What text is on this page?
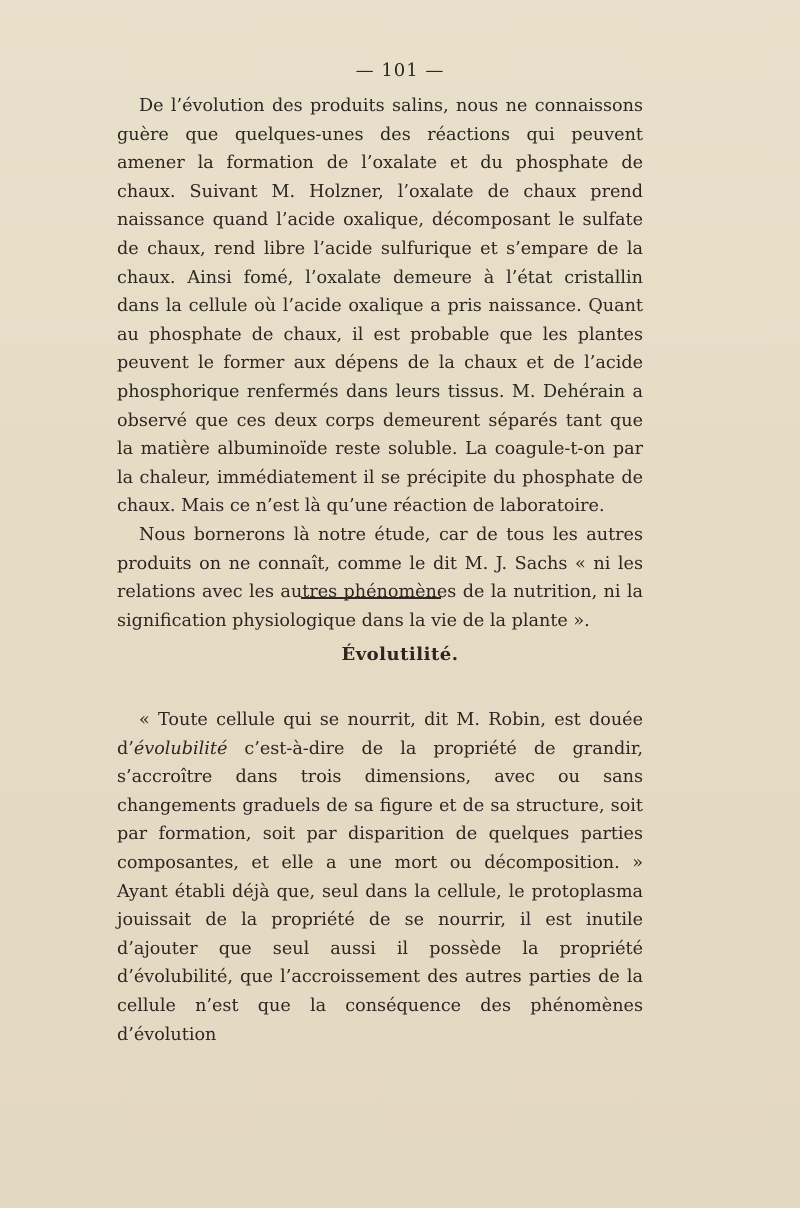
— 101 —

De l’évolution des produits salins, nous ne connaissons guère que quelques-unes des réactions qui peuvent amener la formation de l’oxalate et du phosphate de chaux. Suivant M. Holzner, l’oxalate de chaux prend naissance quand l’acide oxalique, décomposant le sulfate de chaux, rend libre l’acide sulfurique et s’empare de la chaux. Ainsi fomé, l’oxalate demeure à l’état cristallin dans la cellule où l’acide oxalique a pris naissance. Quant au phosphate de chaux, il est probable que les plantes peuvent le former aux dépens de la chaux et de l’acide phosphorique renfermés dans leurs tissus. M. Dehérain a observé que ces deux corps demeurent séparés tant que la matière albuminoïde reste soluble. La coagule-t-on par la chaleur, immédiatement il se précipite du phosphate de chaux. Mais ce n’est là qu’une réaction de laboratoire.

Nous bornerons là notre étude, car de tous les autres produits on ne connaît, comme le dit M. J. Sachs « ni les relations avec les autres phénomènes de la nutrition, ni la signification physiologique dans la vie de la plante ».

Évolutilité.

« Toute cellule qui se nourrit, dit M. Robin, est douée d’évolubilité c’est-à-dire de la propriété de grandir, s’accroître dans trois dimensions, avec ou sans changements graduels de sa figure et de sa structure, soit par formation, soit par disparition de quelques parties composantes, et elle a une mort ou décomposition. » Ayant établi déjà que, seul dans la cellule, le protoplasma jouissait de la propriété de se nourrir, il est inutile d’ajouter que seul aussi il possède la propriété d’évolubilité, que l’accroissement des autres parties de la cellule n’est que la conséquence des phénomènes d’évolution
